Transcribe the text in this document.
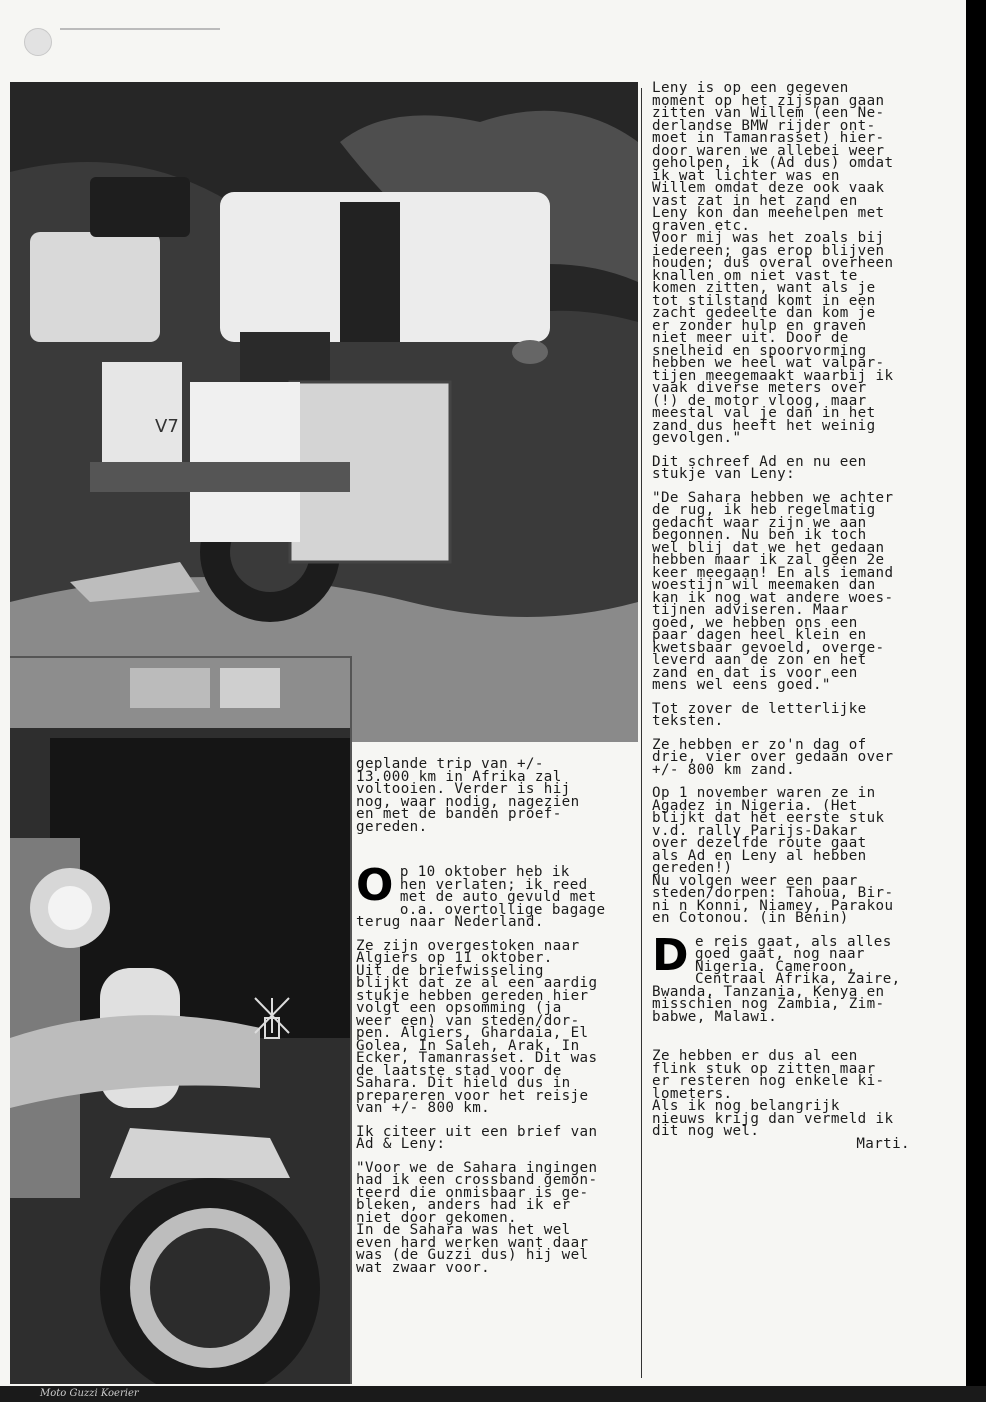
V7

geplande trip van +/-
13.000 km in Afrika zal
voltooien. Verder is hij
nog, waar nodig, nagezien
en met de banden proef-
gereden.

Op 10 oktober heb ik
hen verlaten; ik reed
met de auto gevuld met
o.a. overtollige bagage
terug naar Nederland.

Ze zijn overgestoken naar
Algiers op 11 oktober.
Uit de briefwisseling
blijkt dat ze al een aardig
stukje hebben gereden hier
volgt een opsomming (ja
weer een) van steden/dor-
pen. Algiers, Ghardaia, El
Golea, In Saleh, Arak, In
Ecker, Tamanrasset. Dit was
de laatste stad voor de
Sahara. Dit hield dus in
prepareren voor het reisje
van +/- 800 km.

Ik citeer uit een brief van
Ad & Leny:

"Voor we de Sahara ingingen
had ik een crossband gemon-
teerd die onmisbaar is ge-
bleken, anders had ik er
niet door gekomen.
In de Sahara was het wel
even hard werken want daar
was (de Guzzi dus) hij wel
wat zwaar voor.

Leny is op een gegeven
moment op het zijspan gaan
zitten van Willem (een Ne-
derlandse BMW rijder ont-
moet in Tamanrasset) hier-
door waren we allebei weer
geholpen, ik (Ad dus) omdat
ik wat lichter was en
Willem omdat deze ook vaak
vast zat in het zand en
Leny kon dan meehelpen met
graven etc.
Voor mij was het zoals bij
iedereen; gas erop blijven
houden; dus overal overheen
knallen om niet vast te
komen zitten, want als je
tot stilstand komt in een
zacht gedeelte dan kom je
er zonder hulp en graven
niet meer uit. Door de
snelheid en spoorvorming
hebben we heel wat valpar-
tijen meegemaakt waarbij ik
vaak diverse meters over
(!) de motor vloog, maar
meestal val je dan in het
zand dus heeft het weinig
gevolgen."

Dit schreef Ad en nu een
stukje van Leny:

"De Sahara hebben we achter
de rug, ik heb regelmatig
gedacht waar zijn we aan
begonnen. Nu ben ik toch
wel blij dat we het gedaan
hebben maar ik zal geen 2e
keer meegaan! En als iemand
woestijn wil meemaken dan
kan ik nog wat andere woes-
tijnen adviseren. Maar
goed, we hebben ons een
paar dagen heel klein en
kwetsbaar gevoeld, overge-
leverd aan de zon en het
zand en dat is voor een
mens wel eens goed."

Tot zover de letterlijke
teksten.

Ze hebben er zo'n dag of
drie, vier over gedaan over
+/- 800 km zand.

Op 1 november waren ze in
Agadez in Nigeria. (Het
blijkt dat het eerste stuk
v.d. rally Parijs-Dakar
over dezelfde route gaat
als Ad en Leny al hebben
gereden!)
Nu volgen weer een paar
steden/dorpen: Tahoua, Bir-
ni n Konni, Niamey, Parakou
en Cotonou. (in Benin)

De reis gaat, als alles
goed gaat, nog naar
Nigeria. Cameroon,
Centraal Afrika, Zaire,
Bwanda, Tanzania, Kenya en
misschien nog Zambia, Zim-
babwe, Malawi.

Ze hebben er dus al een
flink stuk op zitten maar
er resteren nog enkele ki-
lometers.
Als ik nog belangrijk
nieuws krijg dan vermeld ik
dit nog wel.

Marti.

Moto Guzzi Koerier
